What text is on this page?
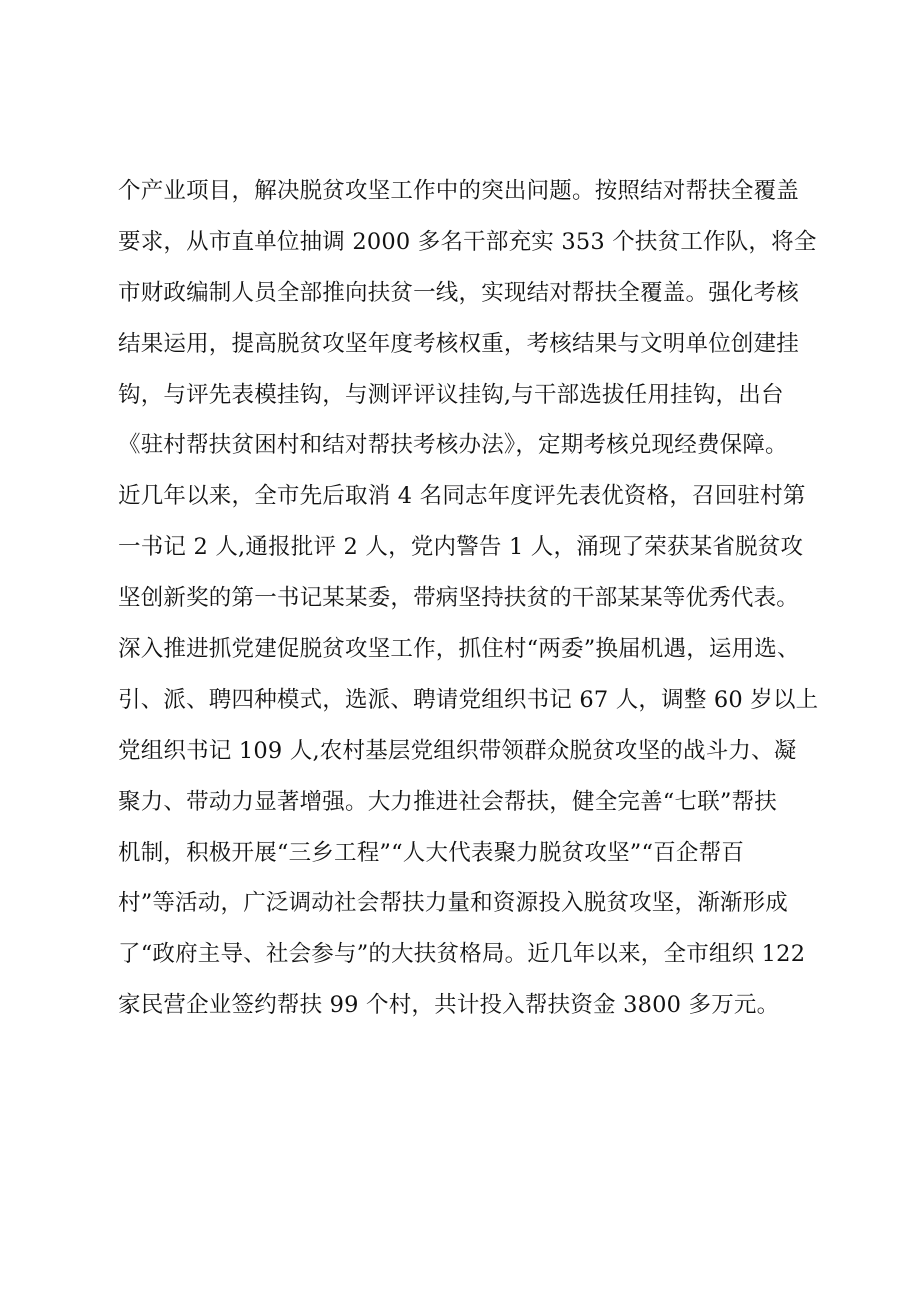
个产业项目，解决脱贫攻坚工作中的突出问题。按照结对帮扶全覆盖
要求，从市直单位抽调 2000 多名干部充实 353 个扶贫工作队，将全
市财政编制人员全部推向扶贫一线，实现结对帮扶全覆盖。强化考核
结果运用，提高脱贫攻坚年度考核权重，考核结果与文明单位创建挂
钩，与评先表模挂钩，与测评评议挂钩,与干部选拔任用挂钩，出台
《驻村帮扶贫困村和结对帮扶考核办法》，定期考核兑现经费保障。
近几年以来，全市先后取消 4 名同志年度评先表优资格，召回驻村第
一书记 2 人,通报批评 2 人，党内警告 1 人，涌现了荣获某省脱贫攻
坚创新奖的第一书记某某委，带病坚持扶贫的干部某某等优秀代表。
深入推进抓党建促脱贫攻坚工作，抓住村“两委”换届机遇，运用选、
引、派、聘四种模式，选派、聘请党组织书记 67 人，调整 60 岁以上
党组织书记 109 人,农村基层党组织带领群众脱贫攻坚的战斗力、凝
聚力、带动力显著增强。大力推进社会帮扶，健全完善“七联”帮扶
机制，积极开展“三乡工程”“人大代表聚力脱贫攻坚”“百企帮百
村”等活动，广泛调动社会帮扶力量和资源投入脱贫攻坚，渐渐形成
了“政府主导、社会参与”的大扶贫格局。近几年以来，全市组织 122
家民营企业签约帮扶 99 个村，共计投入帮扶资金 3800 多万元。
